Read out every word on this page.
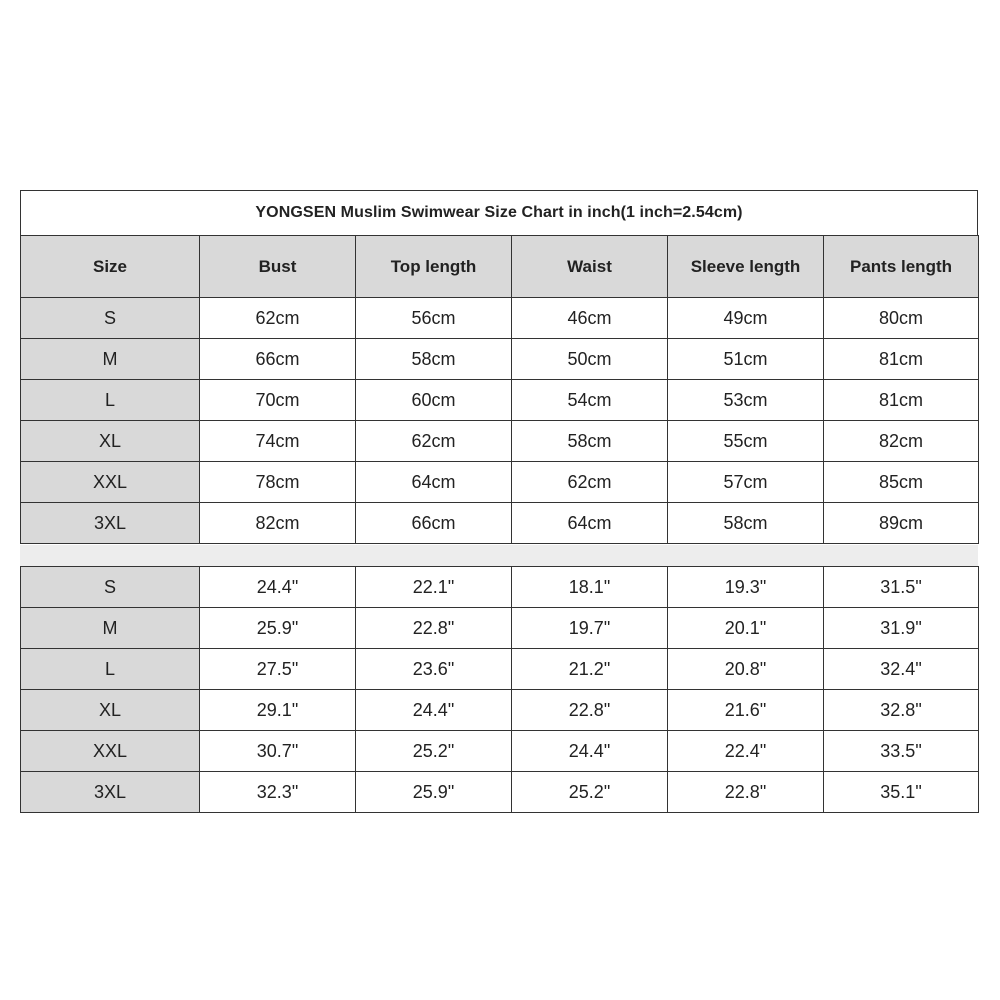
YONGSEN Muslim Swimwear Size Chart in inch(1 inch=2.54cm)
Size	Bust	Top length	Waist	Sleeve length	Pants length
S	62cm	56cm	46cm	49cm	80cm
M	66cm	58cm	50cm	51cm	81cm
L	70cm	60cm	54cm	53cm	81cm
XL	74cm	62cm	58cm	55cm	82cm
XXL	78cm	64cm	62cm	57cm	85cm
3XL	82cm	66cm	64cm	58cm	89cm
S	24.4"	22.1"	18.1"	19.3"	31.5"
M	25.9"	22.8"	19.7"	20.1"	31.9"
L	27.5"	23.6"	21.2"	20.8"	32.4"
XL	29.1"	24.4"	22.8"	21.6"	32.8"
XXL	30.7"	25.2"	24.4"	22.4"	33.5"
3XL	32.3"	25.9"	25.2"	22.8"	35.1"
